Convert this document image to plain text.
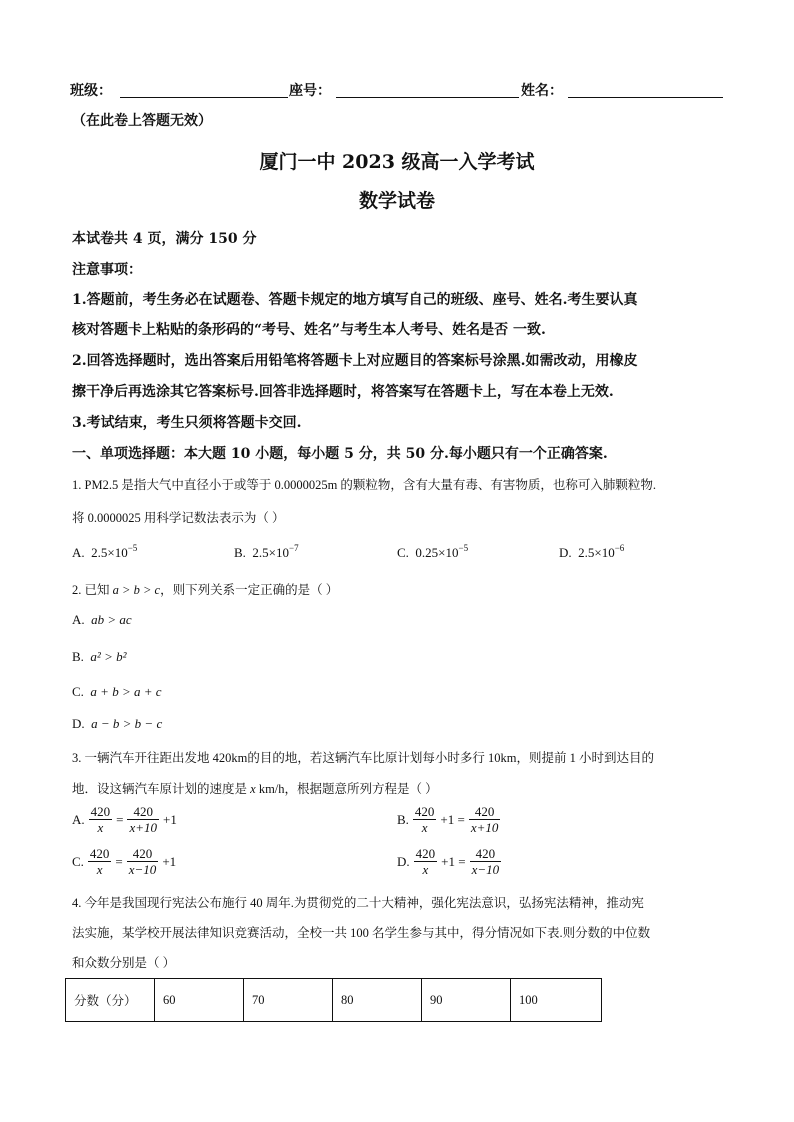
班级：	座号：	姓名：
（在此卷上答题无效）
厦门一中 2023 级高一入学考试
数学试卷
本试卷共 4 页，满分 150 分
注意事项：
1.答题前，考生务必在试题卷、答题卡规定的地方填写自己的班级、座号、姓名.考生要认真
核对答题卡上粘贴的条形码的“考号、姓名”与考生本人考号、姓名是否 一致.
2.回答选择题时，选出答案后用铅笔将答题卡上对应题目的答案标号涂黑.如需改动，用橡皮
擦干净后再选涂其它答案标号.回答非选择题时，将答案写在答题卡上，写在本卷上无效.
3.考试结束，考生只须将答题卡交回.
一、单项选择题：本大题 10 小题，每小题 5 分，共 50 分.每小题只有一个正确答案.
1. PM2.5 是指大气中直径小于或等于 0.0000025m 的颗粒物，含有大量有毒、有害物质，也称可入肺颗粒物.
将 0.0000025 用科学记数法表示为（ ）
A. $2.5\times 10^{-5}$	B. $2.5\times 10^{-7}$	C. $0.25\times 10^{-5}$	D. $2.5\times 10^{-6}$
2. 已知 a > b > c，则下列关系一定正确的是（ ）
A. ab > ac
B. a² > b²
C. a + b > a + c
D. a − b > b − c
3. 一辆汽车开往距出发地 420km的目的地，若这辆汽车比原计划每小时多行 10km，则提前 1 小时到达目的
地．设这辆汽车原计划的速度是 x km/h，根据题意所列方程是（ ）
A. $\frac{420}{x} = \frac{420}{x+10} +1$	B. $\frac{420}{x} +1 = \frac{420}{x+10}$
C. $\frac{420}{x} = \frac{420}{x-10} +1$	D. $\frac{420}{x} +1 = \frac{420}{x-10}$
4. 今年是我国现行宪法公布施行 40 周年.为贯彻党的二十大精神，强化宪法意识，弘扬宪法精神，推动宪
法实施，某学校开展法律知识竞赛活动，全校一共 100 名学生参与其中，得分情况如下表.则分数的中位数
和众数分别是（ ）
分数（分）	60	70	80	90	100
